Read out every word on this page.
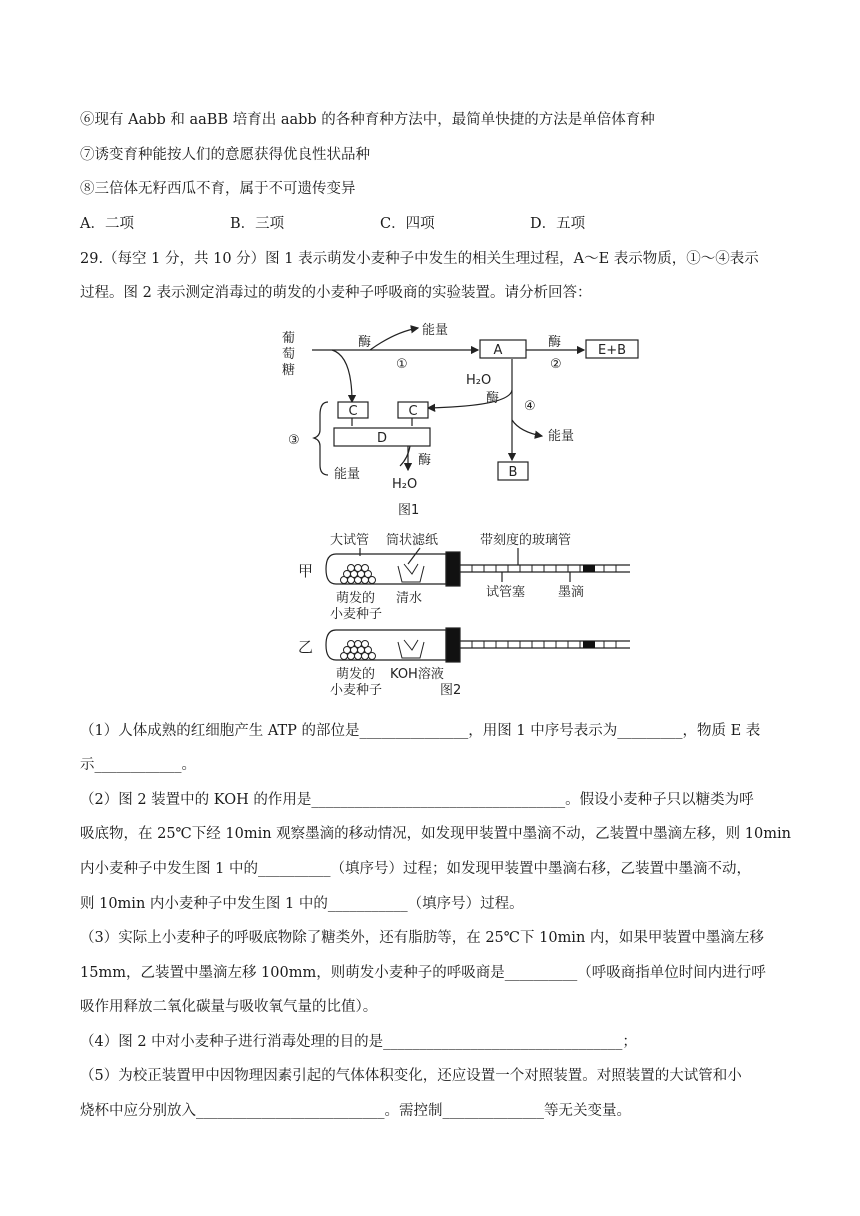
⑥现有 Aabb 和 aaBB 培育出 aabb 的各种育种方法中，最简单快捷的方法是单倍体育种
⑦诱变育种能按人们的意愿获得优良性状品种
⑧三倍体无籽西瓜不育，属于不可遗传变异
A．二项	B．三项	C．四项	D．五项
29.（每空 1 分，共 10 分）图 1 表示萌发小麦种子中发生的相关生理过程，A～E 表示物质，①～④表示
过程。图 2 表示测定消毒过的萌发的小麦种子呼吸商的实验装置。请分析回答：
葡
萄
糖
酶
能量
①
A
酶
②
E+B
H₂O
酶
④
能量
C	C
D
③
能量
酶
H₂O
B
图1
大试管 筒状滤纸	带刻度的玻璃管
甲
试管塞	墨滴
萌发的
小麦种子
清水
乙
萌发的
小麦种子
KOH溶液
图2
（1）人体成熟的红细胞产生 ATP 的部位是_______________，用图 1 中序号表示为_________，物质 E 表
示____________。
（2）图 2 装置中的 KOH 的作用是___________________________________。假设小麦种子只以糖类为呼
吸底物，在 25℃下经 10min 观察墨滴的移动情况，如发现甲装置中墨滴不动，乙装置中墨滴左移，则 10min
内小麦种子中发生图 1 中的__________（填序号）过程；如发现甲装置中墨滴右移，乙装置中墨滴不动，
则 10min 内小麦种子中发生图 1 中的___________（填序号）过程。
（3）实际上小麦种子的呼吸底物除了糖类外，还有脂肪等，在 25℃下 10min 内，如果甲装置中墨滴左移
15mm，乙装置中墨滴左移 100mm，则萌发小麦种子的呼吸商是__________（呼吸商指单位时间内进行呼
吸作用释放二氧化碳量与吸收氧气量的比值）。
（4）图 2 中对小麦种子进行消毒处理的目的是_________________________________；
（5）为校正装置甲中因物理因素引起的气体体积变化，还应设置一个对照装置。对照装置的大试管和小
烧杯中应分别放入__________________________。需控制______________等无关变量。
